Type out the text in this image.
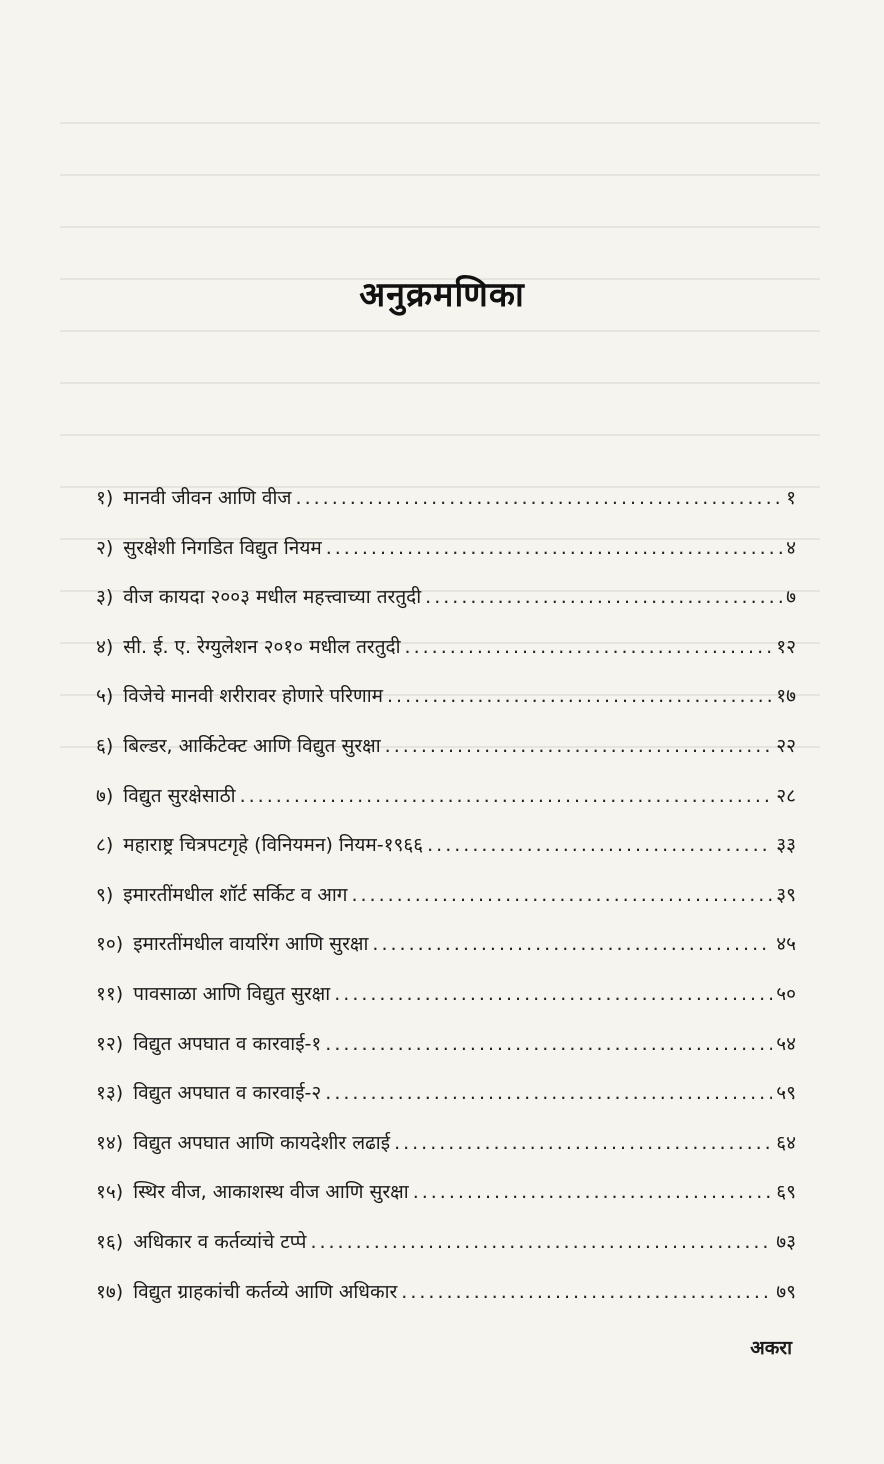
अनुक्रमणिका
१) मानवी जीवन आणि वीज .....	१
२) सुरक्षेशी निगडित विद्युत नियम .....	४
३) वीज कायदा २००३ मधील महत्त्वाच्या तरतुदी .....	७
४) सी. ई. ए. रेग्युलेशन २०१० मधील तरतुदी .....	१२
५) विजेचे मानवी शरीरावर होणारे परिणाम .....	१७
६) बिल्डर, आर्किटेक्ट आणि विद्युत सुरक्षा .....	२२
७) विद्युत सुरक्षेसाठी .....	२८
८) महाराष्ट्र चित्रपटगृहे (विनियमन) नियम-१९६६ .....	३३
९) इमारतींमधील शॉर्ट सर्किट व आग .....	३९
१०) इमारतींमधील वायरिंग आणि सुरक्षा .....	४५
११) पावसाळा आणि विद्युत सुरक्षा .....	५०
१२) विद्युत अपघात व कारवाई-१ .....	५४
१३) विद्युत अपघात व कारवाई-२ .....	५९
१४) विद्युत अपघात आणि कायदेशीर लढाई .....	६४
१५) स्थिर वीज, आकाशस्थ वीज आणि सुरक्षा .....	६९
१६) अधिकार व कर्तव्यांचे टप्पे .....	७३
१७) विद्युत ग्राहकांची कर्तव्ये आणि अधिकार .....	७९
अकरा
